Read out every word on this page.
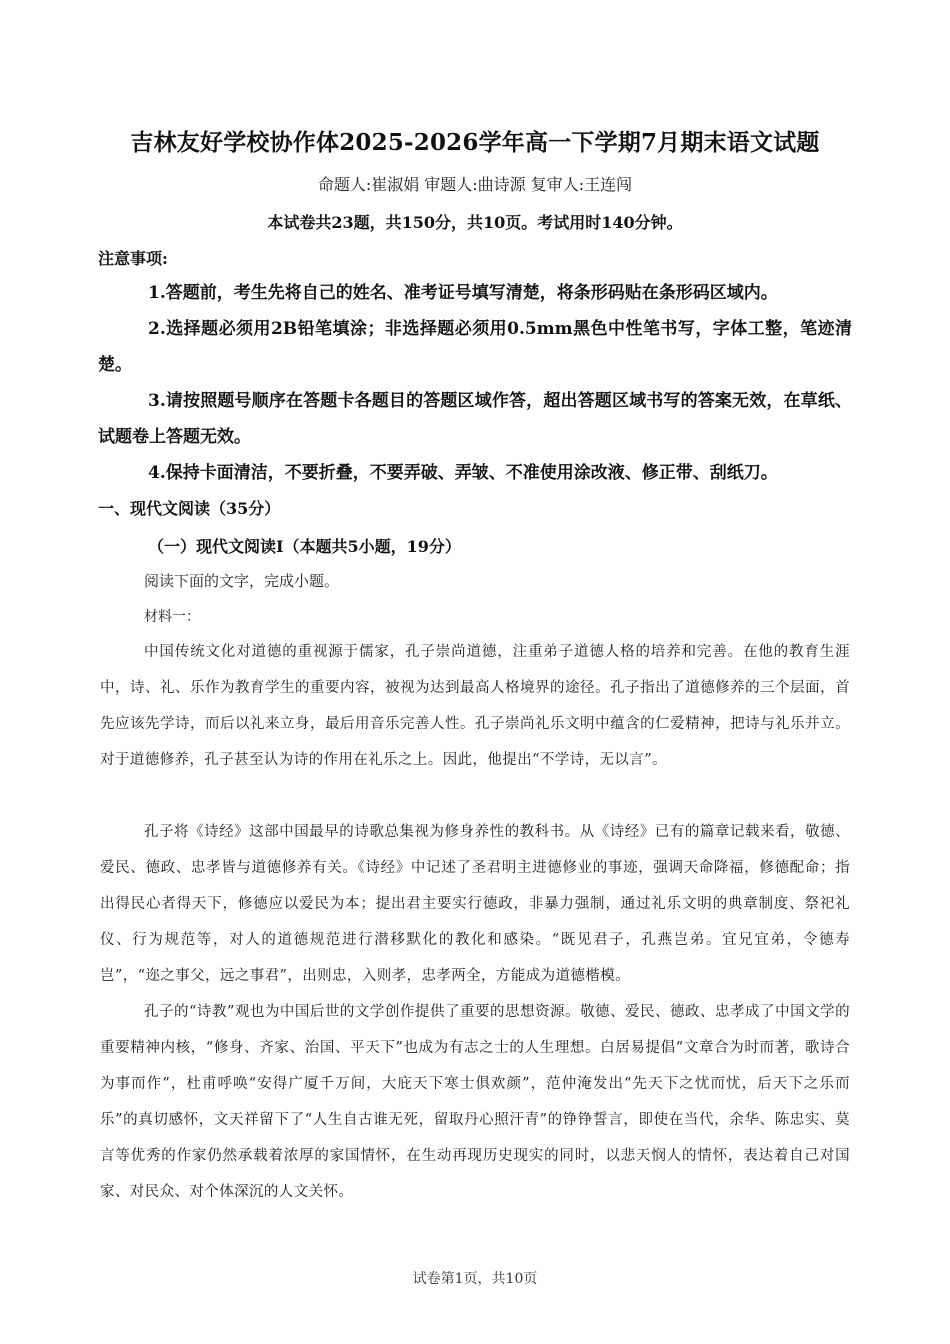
吉林友好学校协作体2025-2026学年高一下学期7月期末语文试题
命题人:崔淑娟 审题人:曲诗源 复审人:王连闯
本试卷共23题，共150分，共10页。考试用时140分钟。
注意事项:
1.答题前，考生先将自己的姓名、准考证号填写清楚，将条形码贴在条形码区域内。
2.选择题必须用2B铅笔填涂；非选择题必须用0.5mm黑色中性笔书写，字体工整，笔迹清楚。
3.请按照题号顺序在答题卡各题目的答题区域作答，超出答题区域书写的答案无效，在草纸、试题卷上答题无效。
4.保持卡面清洁，不要折叠，不要弄破、弄皱、不准使用涂改液、修正带、刮纸刀。
一、现代文阅读（35分）
（一）现代文阅读Ⅰ（本题共5小题，19分）
阅读下面的文字，完成小题。
材料一：
中国传统文化对道德的重视源于儒家，孔子崇尚道德，注重弟子道德人格的培养和完善。在他的教育生涯中，诗、礼、乐作为教育学生的重要内容，被视为达到最高人格境界的途径。孔子指出了道德修养的三个层面，首先应该先学诗，而后以礼来立身，最后用音乐完善人性。孔子崇尚礼乐文明中蕴含的仁爱精神，把诗与礼乐并立。对于道德修养，孔子甚至认为诗的作用在礼乐之上。因此，他提出“不学诗，无以言”。
孔子将《诗经》这部中国最早的诗歌总集视为修身养性的教科书。从《诗经》已有的篇章记载来看，敬德、爱民、德政、忠孝皆与道德修养有关。《诗经》中记述了圣君明主进德修业的事迹，强调天命降福，修德配命；指出得民心者得天下，修德应以爱民为本；提出君主要实行德政，非暴力强制，通过礼乐文明的典章制度、祭祀礼仪、行为规范等，对人的道德规范进行潜移默化的教化和感染。“既见君子，孔燕岂弟。宜兄宜弟，令德寿岂”，“迩之事父，远之事君”，出则忠，入则孝，忠孝两全，方能成为道德楷模。
孔子的“诗教”观也为中国后世的文学创作提供了重要的思想资源。敬德、爱民、德政、忠孝成了中国文学的重要精神内核，“修身、齐家、治国、平天下”也成为有志之士的人生理想。白居易提倡“文章合为时而著，歌诗合为事而作”，杜甫呼唤“安得广厦千万间，大庇天下寒士俱欢颜”，范仲淹发出“先天下之忧而忧，后天下之乐而乐”的真切感怀，文天祥留下了“人生自古谁无死，留取丹心照汗青”的铮铮誓言，即使在当代，余华、陈忠实、莫言等优秀的作家仍然承载着浓厚的家国情怀，在生动再现历史现实的同时，以悲天悯人的情怀，表达着自己对国家、对民众、对个体深沉的人文关怀。
试卷第1页，共10页
